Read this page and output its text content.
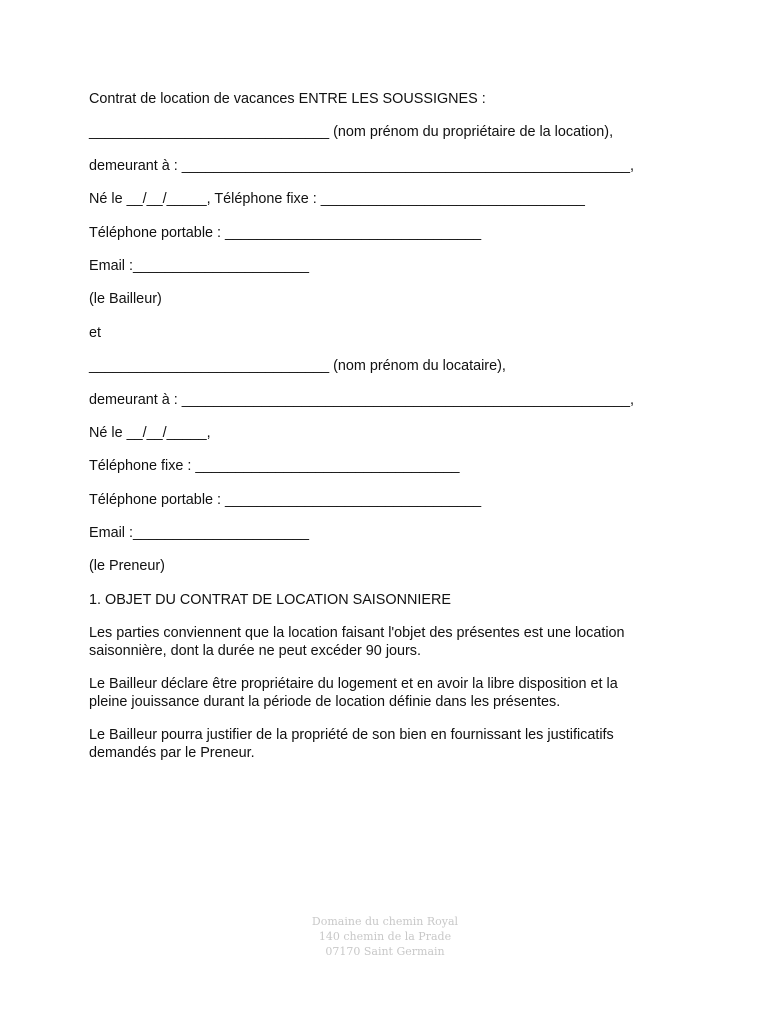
Contrat de location de vacances ENTRE LES SOUSSIGNES :

______________________________ (nom prénom du propriétaire de la location),

demeurant à : ________________________________________________________,

Né le __/__/_____, Téléphone fixe : _________________________________

Téléphone portable : ________________________________

Email :______________________

(le Bailleur)

et

______________________________ (nom prénom du locataire),

demeurant à : ________________________________________________________,

Né le __/__/_____,

Téléphone fixe : _________________________________

Téléphone portable : ________________________________

Email :______________________

(le Preneur)

1. OBJET DU CONTRAT DE LOCATION SAISONNIERE

Les parties conviennent que la location faisant l'objet des présentes est une location saisonnière, dont la durée ne peut excéder 90 jours.

Le Bailleur déclare être propriétaire du logement et en avoir la libre disposition et la pleine jouissance durant la période de location définie dans les présentes.

Le Bailleur pourra justifier de la propriété de son bien en fournissant les justificatifs demandés par le Preneur.

Domaine du chemin Royal
140 chemin de la Prade
07170 Saint Germain
